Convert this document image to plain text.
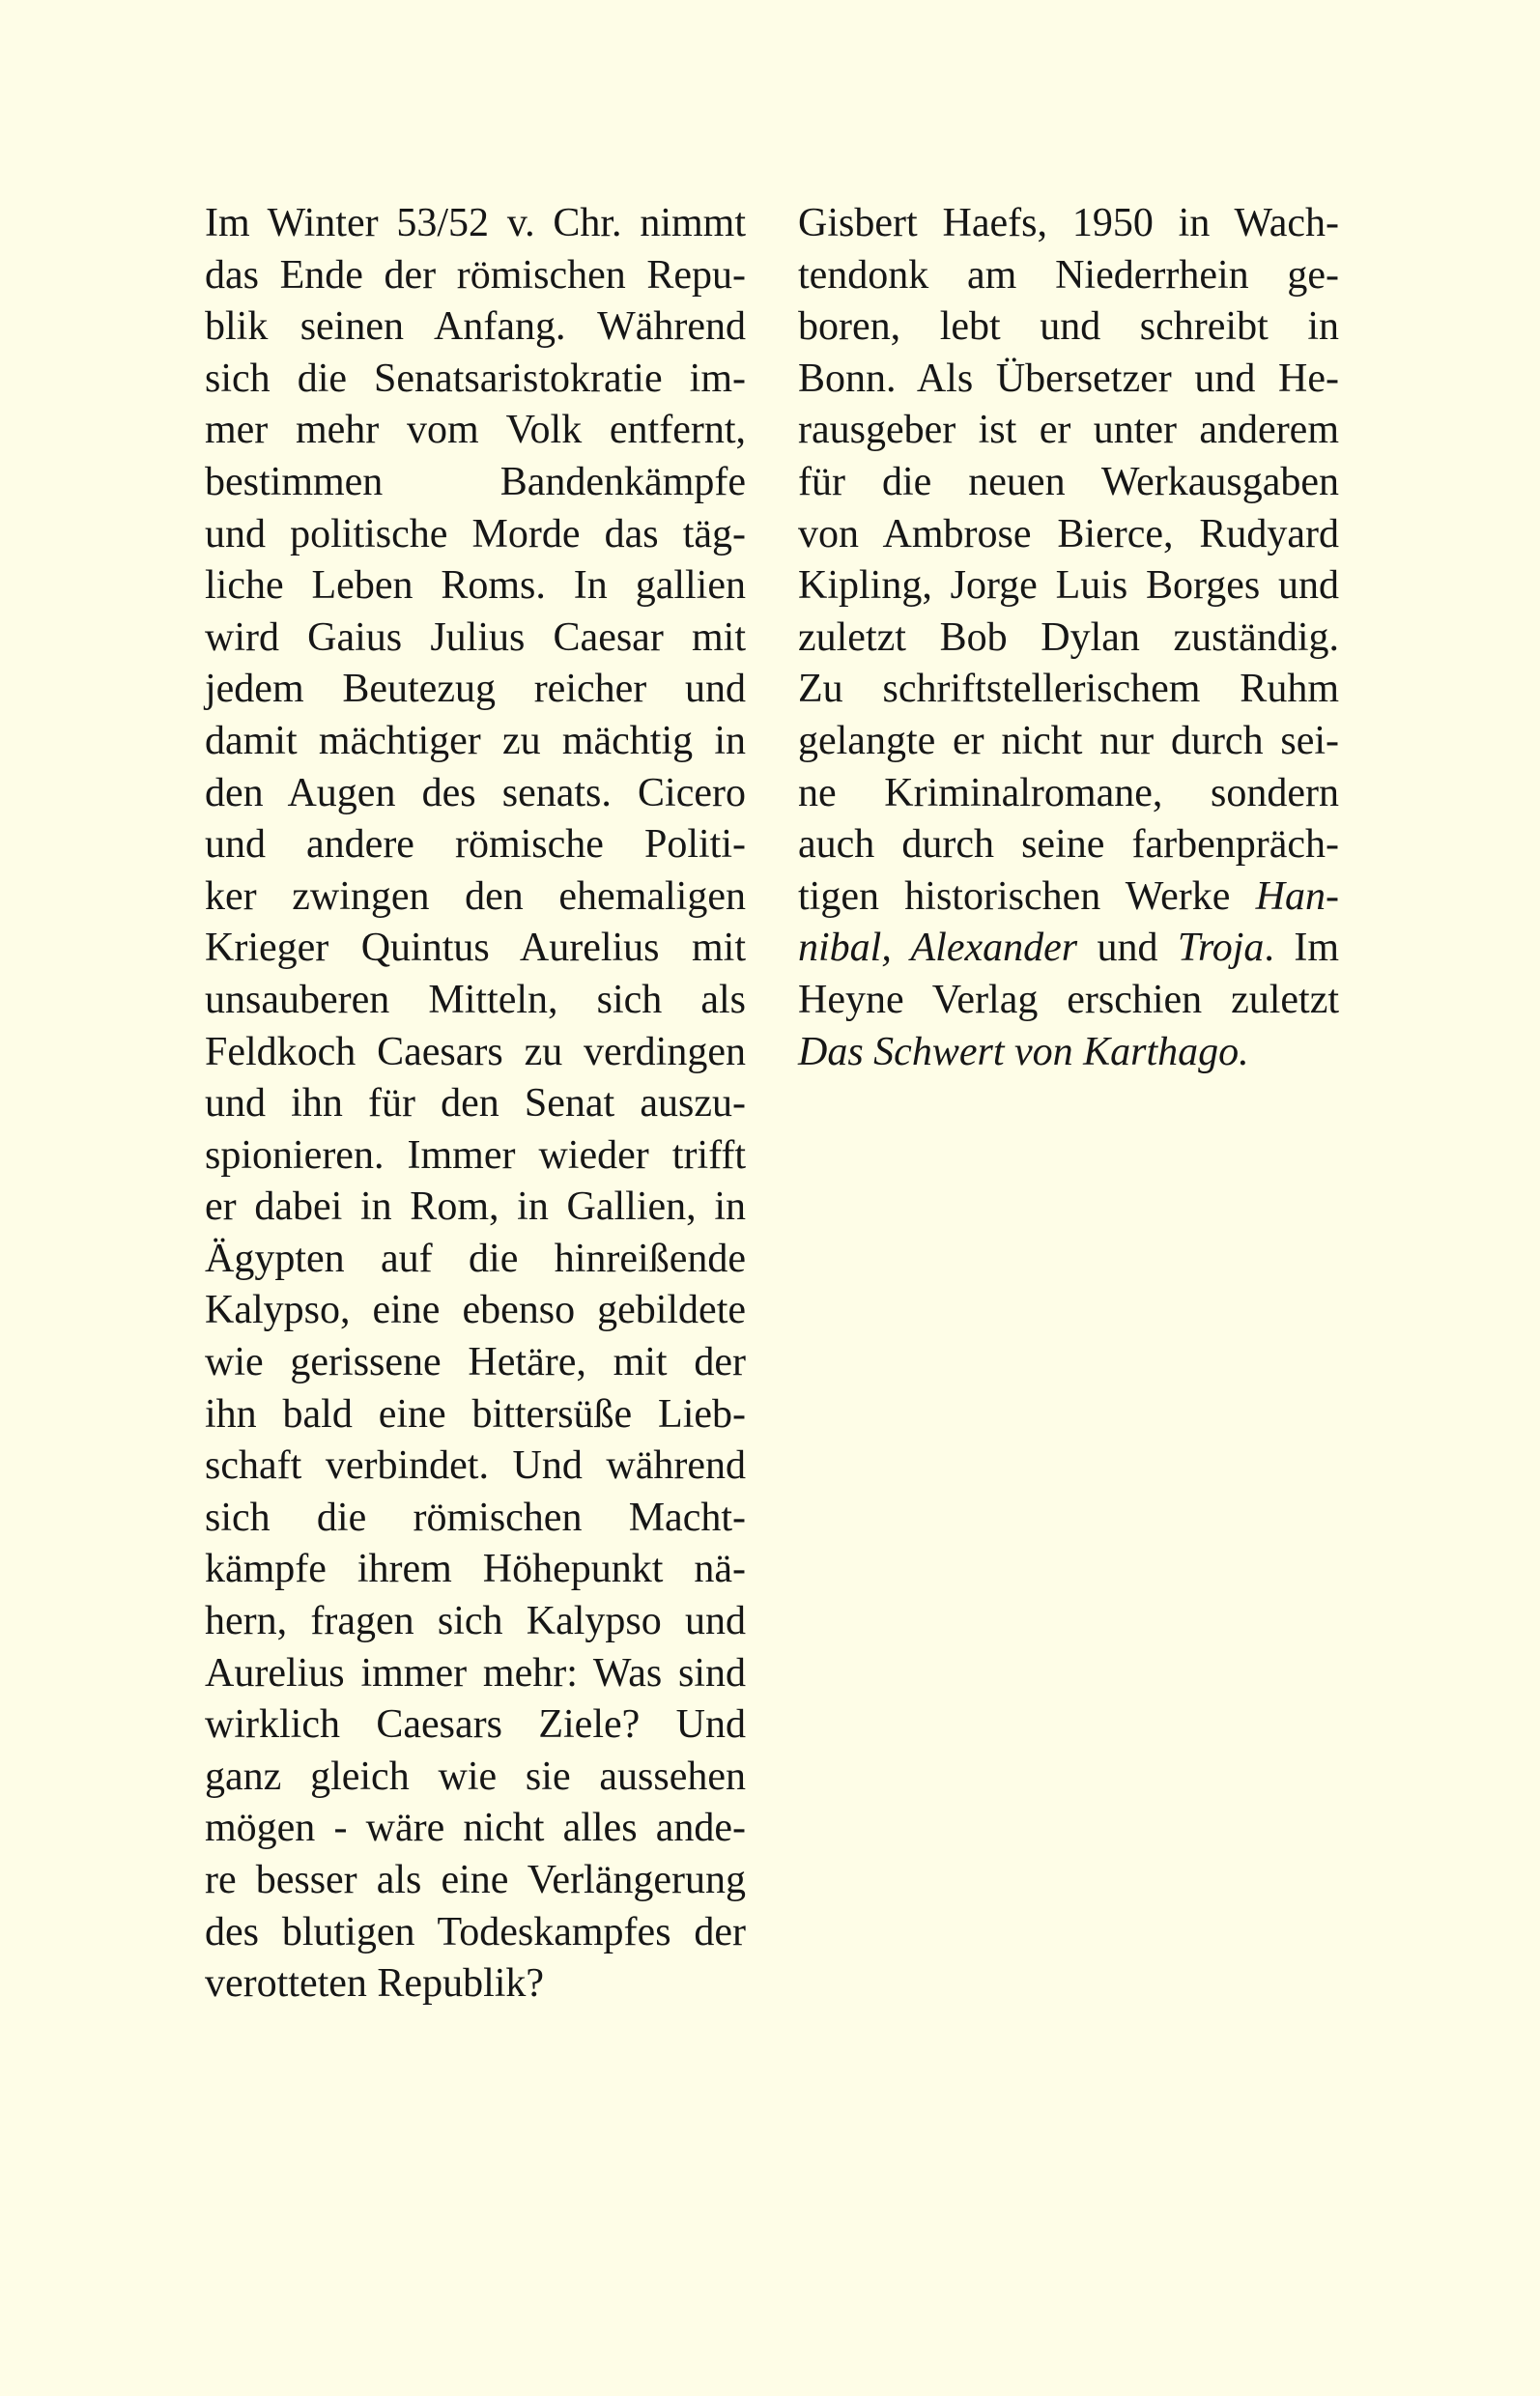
Im Winter 53/52 v. Chr. nimmt
das Ende der römischen Repu-
blik seinen Anfang. Während
sich die Senatsaristokratie im-
mer mehr vom Volk entfernt,
bestimmen Bandenkämpfe
und politische Morde das täg-
liche Leben Roms. In gallien
wird Gaius Julius Caesar mit
jedem Beutezug reicher und
damit mächtiger zu mächtig in
den Augen des senats. Cicero
und andere römische Politi-
ker zwingen den ehemaligen
Krieger Quintus Aurelius mit
unsauberen Mitteln, sich als
Feldkoch Caesars zu verdingen
und ihn für den Senat auszu-
spionieren. Immer wieder trifft
er dabei in Rom, in Gallien, in
Ägypten auf die hinreißende
Kalypso, eine ebenso gebildete
wie gerissene Hetäre, mit der
ihn bald eine bittersüße Lieb-
schaft verbindet. Und während
sich die römischen Macht-
kämpfe ihrem Höhepunkt nä-
hern, fragen sich Kalypso und
Aurelius immer mehr: Was sind
wirklich Caesars Ziele? Und
ganz gleich wie sie aussehen
mögen - wäre nicht alles ande-
re besser als eine Verlängerung
des blutigen Todeskampfes der
verotteten Republik?
Gisbert Haefs, 1950 in Wach-
tendonk am Niederrhein ge-
boren, lebt und schreibt in
Bonn. Als Übersetzer und He-
rausgeber ist er unter anderem
für die neuen Werkausgaben
von Ambrose Bierce, Rudyard
Kipling, Jorge Luis Borges und
zuletzt Bob Dylan zuständig.
Zu schriftstellerischem Ruhm
gelangte er nicht nur durch sei-
ne Kriminalromane, sondern
auch durch seine farbenpräch-
tigen historischen Werke Han-
nibal, Alexander und Troja. Im
Heyne Verlag erschien zuletzt
Das Schwert von Karthago.
